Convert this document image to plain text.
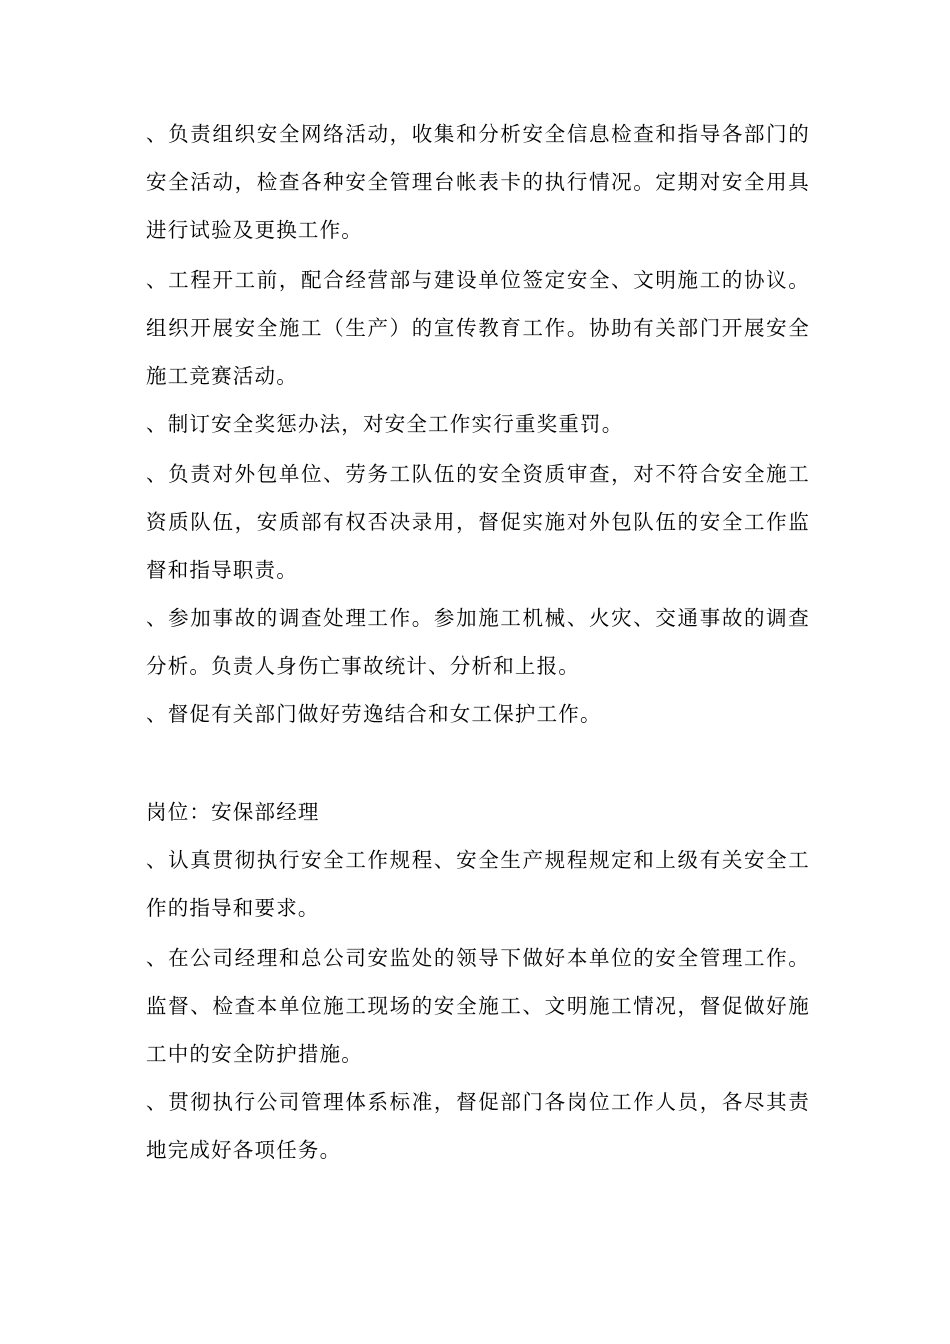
、负责组织安全网络活动，收集和分析安全信息检查和指导各部门的安全活动，检查各种安全管理台帐表卡的执行情况。定期对安全用具进行试验及更换工作。

、工程开工前，配合经营部与建设单位签定安全、文明施工的协议。组织开展安全施工（生产）的宣传教育工作。协助有关部门开展安全施工竞赛活动。

、制订安全奖惩办法，对安全工作实行重奖重罚。

、负责对外包单位、劳务工队伍的安全资质审查，对不符合安全施工资质队伍，安质部有权否决录用，督促实施对外包队伍的安全工作监督和指导职责。

、参加事故的调查处理工作。参加施工机械、火灾、交通事故的调查分析。负责人身伤亡事故统计、分析和上报。

、督促有关部门做好劳逸结合和女工保护工作。

岗位：安保部经理

、认真贯彻执行安全工作规程、安全生产规程规定和上级有关安全工作的指导和要求。

、在公司经理和总公司安监处的领导下做好本单位的安全管理工作。监督、检查本单位施工现场的安全施工、文明施工情况，督促做好施工中的安全防护措施。

、贯彻执行公司管理体系标准，督促部门各岗位工作人员，各尽其责地完成好各项任务。
